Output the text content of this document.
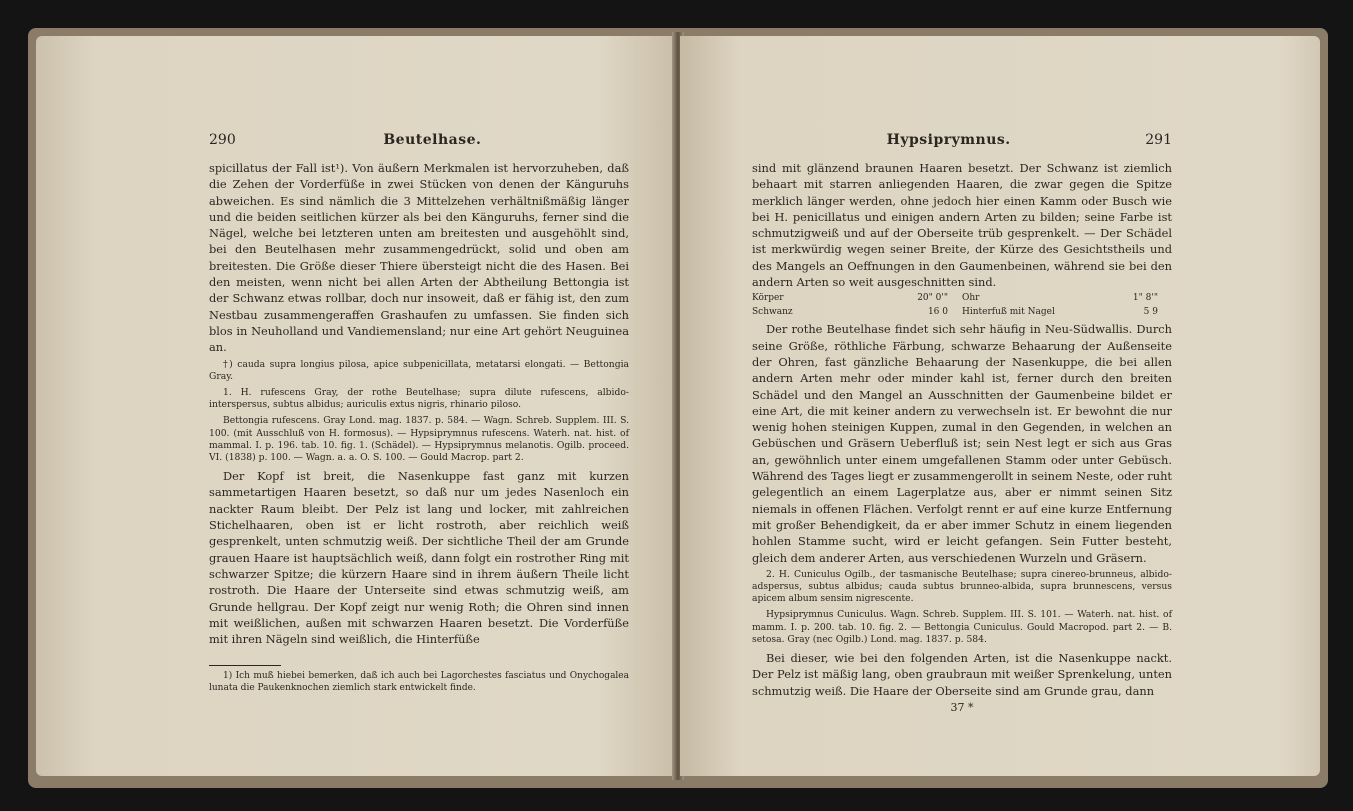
290	Beutelhase.

spicillatus der Fall ist¹). Von äußern Merkmalen ist hervorzuheben, daß die Zehen der Vorderfüße in zwei Stücken von denen der Känguruhs abweichen. Es sind nämlich die 3 Mittelzehen verhältnißmäßig länger und die beiden seitlichen kürzer als bei den Känguruhs, ferner sind die Nägel, welche bei letzteren unten am breitesten und ausgehöhlt sind, bei den Beutelhasen mehr zusammengedrückt, solid und oben am breitesten. Die Größe dieser Thiere übersteigt nicht die des Hasen. Bei den meisten, wenn nicht bei allen Arten der Abtheilung Bettongia ist der Schwanz etwas rollbar, doch nur insoweit, daß er fähig ist, den zum Nestbau zusammengeraffen Grashaufen zu umfassen. Sie finden sich blos in Neuholland und Vandiemensland; nur eine Art gehört Neuguinea an.

†) cauda supra longius pilosa, apice subpenicillata, metatarsi elongati. — Bettongia Gray.

1. H. rufescens Gray, der rothe Beutelhase; supra dilute rufescens, albido-interspersus, subtus albidus; auriculis extus nigris, rhinario piloso.

Bettongia rufescens. Gray Lond. mag. 1837. p. 584. — Wagn. Schreb. Supplem. III. S. 100. (mit Ausschluß von H. formosus). — Hypsiprymnus rufescens. Waterh. nat. hist. of mammal. I. p. 196. tab. 10. fig. 1. (Schädel). — Hypsiprymnus melanotis. Ogilb. proceed. VI. (1838) p. 100. — Wagn. a. a. O. S. 100. — Gould Macrop. part 2.

Der Kopf ist breit, die Nasenkuppe fast ganz mit kurzen sammetartigen Haaren besetzt, so daß nur um jedes Nasenloch ein nackter Raum bleibt. Der Pelz ist lang und locker, mit zahlreichen Stichelhaaren, oben ist er licht rostroth, aber reichlich weiß gesprenkelt, unten schmutzig weiß. Der sichtliche Theil der am Grunde grauen Haare ist hauptsächlich weiß, dann folgt ein rostrother Ring mit schwarzer Spitze; die kürzern Haare sind in ihrem äußern Theile licht rostroth. Die Haare der Unterseite sind etwas schmutzig weiß, am Grunde hellgrau. Der Kopf zeigt nur wenig Roth; die Ohren sind innen mit weißlichen, außen mit schwarzen Haaren besetzt. Die Vorderfüße mit ihren Nägeln sind weißlich, die Hinterfüße

1) Ich muß hiebei bemerken, daß ich auch bei Lagorchestes fasciatus und Onychogalea lunata die Paukenknochen ziemlich stark entwickelt finde.

Hypsiprymnus.	291

sind mit glänzend braunen Haaren besetzt. Der Schwanz ist ziemlich behaart mit starren anliegenden Haaren, die zwar gegen die Spitze merklich länger werden, ohne jedoch hier einen Kamm oder Busch wie bei H. penicillatus und einigen andern Arten zu bilden; seine Farbe ist schmutzigweiß und auf der Oberseite trüb gesprenkelt. — Der Schädel ist merkwürdig wegen seiner Breite, der Kürze des Gesichtstheils und des Mangels an Oeffnungen in den Gaumenbeinen, während sie bei den andern Arten so weit ausgeschnitten sind.

Körper	20" 0'" Ohr	1" 8'"
Schwanz	16 0 Hinterfuß mit Nagel	5 9

Der rothe Beutelhase findet sich sehr häufig in Neu-Südwallis. Durch seine Größe, röthliche Färbung, schwarze Behaarung der Außenseite der Ohren, fast gänzliche Behaarung der Nasenkuppe, die bei allen andern Arten mehr oder minder kahl ist, ferner durch den breiten Schädel und den Mangel an Ausschnitten der Gaumenbeine bildet er eine Art, die mit keiner andern zu verwechseln ist. Er bewohnt die nur wenig hohen steinigen Kuppen, zumal in den Gegenden, in welchen an Gebüschen und Gräsern Ueberfluß ist; sein Nest legt er sich aus Gras an, gewöhnlich unter einem umgefallenen Stamm oder unter Gebüsch. Während des Tages liegt er zusammengerollt in seinem Neste, oder ruht gelegentlich an einem Lagerplatze aus, aber er nimmt seinen Sitz niemals in offenen Flächen. Verfolgt rennt er auf eine kurze Entfernung mit großer Behendigkeit, da er aber immer Schutz in einem liegenden hohlen Stamme sucht, wird er leicht gefangen. Sein Futter besteht, gleich dem anderer Arten, aus verschiedenen Wurzeln und Gräsern.

2. H. Cuniculus Ogilb., der tasmanische Beutelhase; supra cinereo-brunneus, albido-adspersus, subtus albidus; cauda subtus brunneo-albida, supra brunnescens, versus apicem album sensim nigrescente.

Hypsiprymnus Cuniculus. Wagn. Schreb. Supplem. III. S. 101. — Waterh. nat. hist. of mamm. I. p. 200. tab. 10. fig. 2. — Bettongia Cuniculus. Gould Macropod. part 2. — B. setosa. Gray (nec Ogilb.) Lond. mag. 1837. p. 584.

Bei dieser, wie bei den folgenden Arten, ist die Nasenkuppe nackt. Der Pelz ist mäßig lang, oben graubraun mit weißer Sprenkelung, unten schmutzig weiß. Die Haare der Oberseite sind am Grunde grau, dann

37 *
